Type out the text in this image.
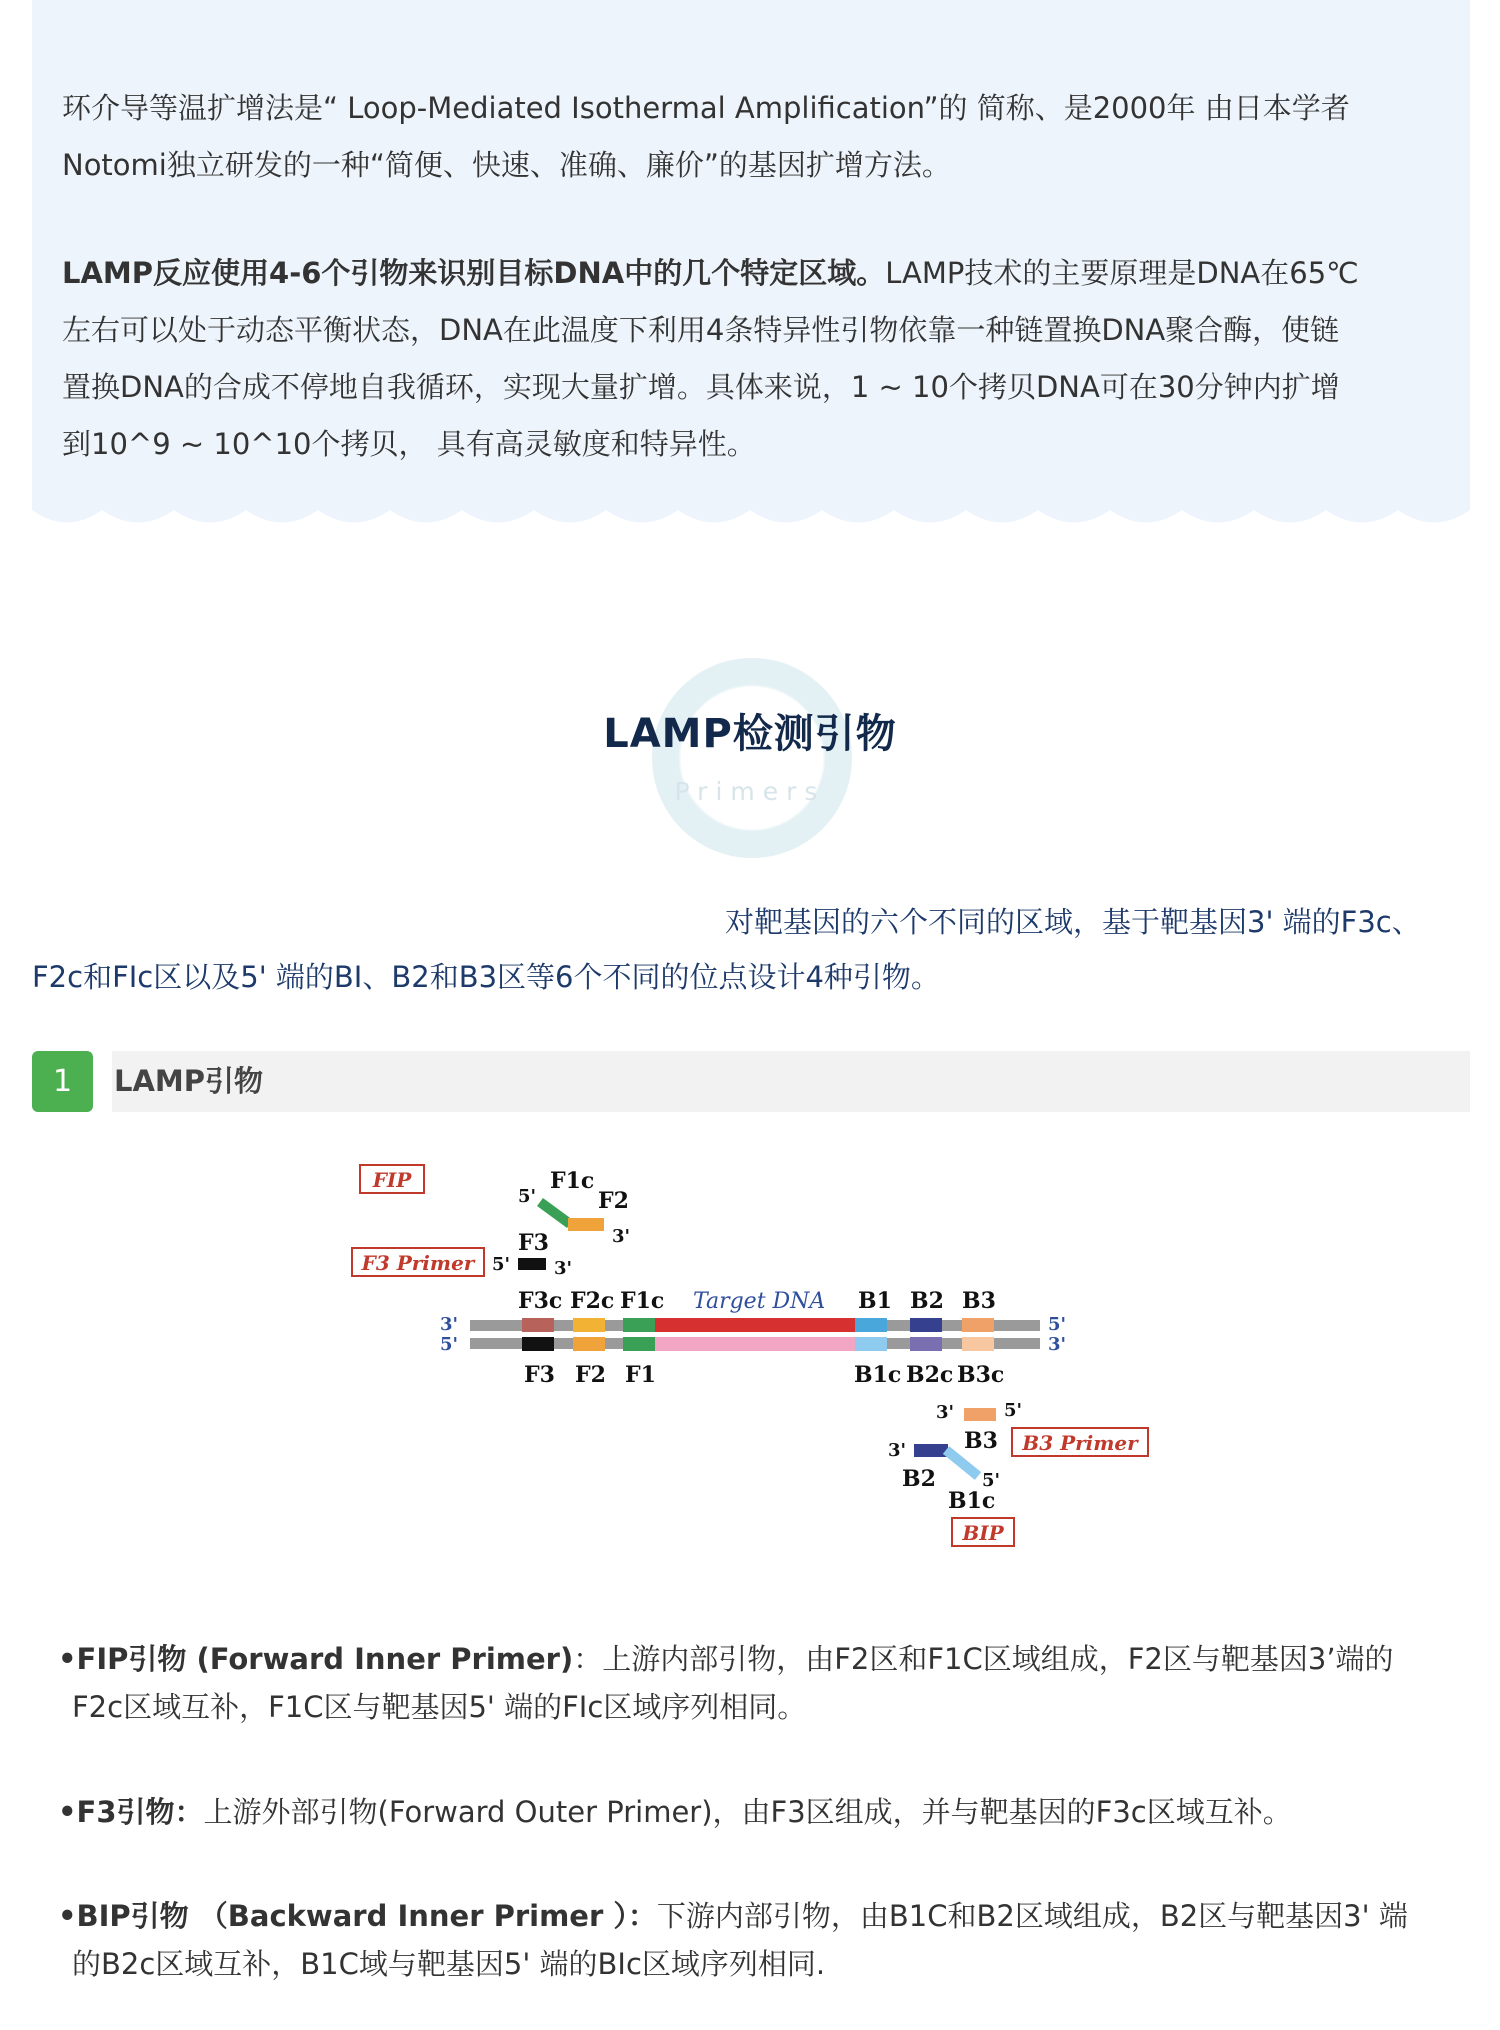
环介导等温扩增法是“ Loop-Mediated Isothermal Amplification”的 简称、是2000年 由日本学者
Notomi独立研发的一种“简便、快速、准确、廉价”的基因扩增方法。

LAMP反应使用4-6个引物来识别目标DNA中的几个特定区域。LAMP技术的主要原理是DNA在65℃
左右可以处于动态平衡状态，DNA在此温度下利用4条特异性引物依靠一种链置换DNA聚合酶，使链
置换DNA的合成不停地自我循环，实现大量扩增。具体来说，1 ~ 10个拷贝DNA可在30分钟内扩增
到10^9 ~ 10^10个拷贝， 具有高灵敏度和特异性。

LAMP检测引物
Primers

对靶基因的六个不同的区域，基于靶基因3' 端的F3c、
F2c和FIc区以及5' 端的BI、B2和B3区等6个不同的位点设计4种引物。

1	LAMP引物
FIP
5'
F1c
F2
3'
F3 Primer
F3
5' 3'
F3c F2c F1c Target DNA B1 B2 B3
3'
5'
5'
3'
F3 F2 F1	B1c B2c B3c
3'	5'
B3 B3 Primer
3'
B2	5'
B1c
BIP

•FIP引物 (Forward Inner Primer)：上游内部引物，由F2区和F1C区域组成，F2区与靶基因3’端的
F2c区域互补，F1C区与靶基因5' 端的FIc区域序列相同。

•F3引物：上游外部引物(Forward Outer Primer)，由F3区组成，并与靶基因的F3c区域互补。

•BIP引物 （Backward Inner Primer ）：下游内部引物，由B1C和B2区域组成，B2区与靶基因3' 端
的B2c区域互补，B1C域与靶基因5' 端的BIc区域序列相同.
